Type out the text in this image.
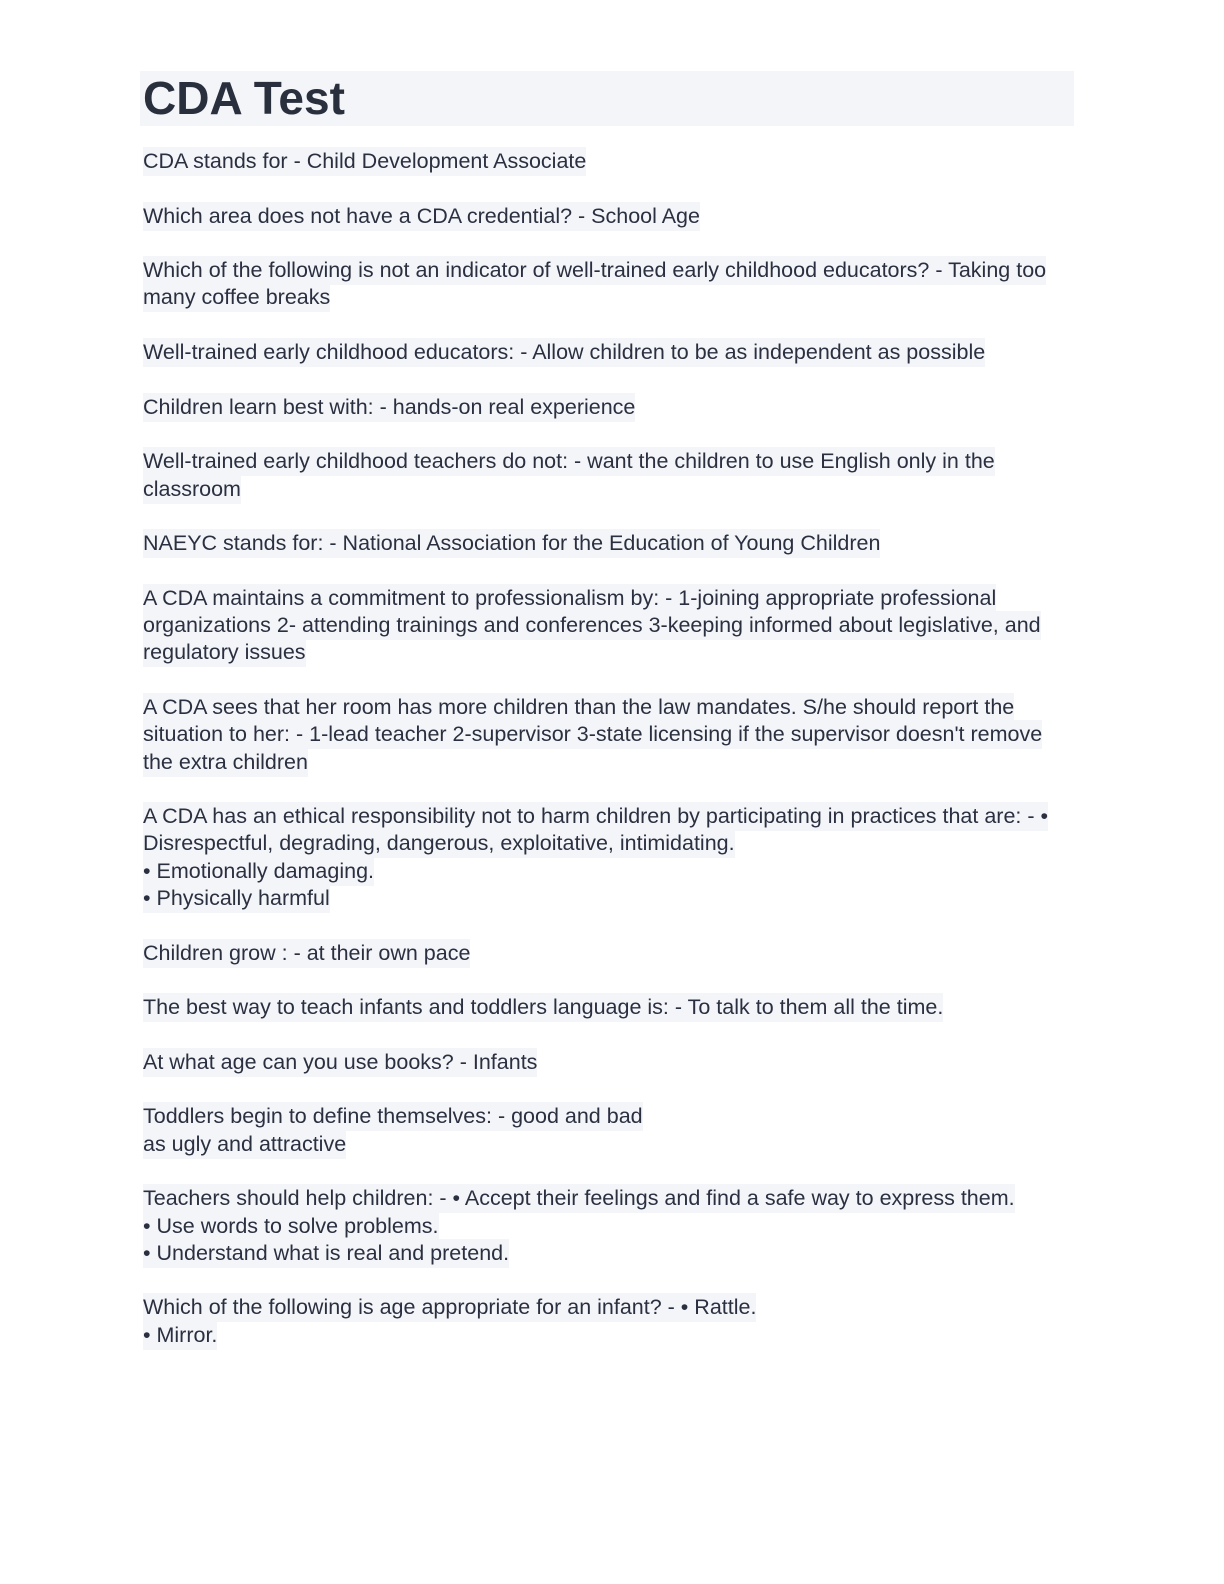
CDA Test
CDA stands for - Child Development Associate
Which area does not have a CDA credential? - School Age
Which of the following is not an indicator of well-trained early childhood educators? - Taking too many coffee breaks
Well-trained early childhood educators: - Allow children to be as independent as possible
Children learn best with: - hands-on real experience
Well-trained early childhood teachers do not: - want the children to use English only in the classroom
NAEYC stands for: - National Association for the Education of Young Children
A CDA maintains a commitment to professionalism by: - 1-joining appropriate professional organizations 2- attending trainings and conferences 3-keeping informed about legislative, and regulatory issues
A CDA sees that her room has more children than the law mandates. S/he should report the situation to her: - 1-lead teacher 2-supervisor 3-state licensing if the supervisor doesn't remove the extra children
A CDA has an ethical responsibility not to harm children by participating in practices that are: - • Disrespectful, degrading, dangerous, exploitative, intimidating.
• Emotionally damaging.
• Physically harmful
Children grow : - at their own pace
The best way to teach infants and toddlers language is: - To talk to them all the time.
At what age can you use books? - Infants
Toddlers begin to define themselves: - good and bad
as ugly and attractive
Teachers should help children: - • Accept their feelings and find a safe way to express them.
• Use words to solve problems.
• Understand what is real and pretend.
Which of the following is age appropriate for an infant? - • Rattle.
• Mirror.
